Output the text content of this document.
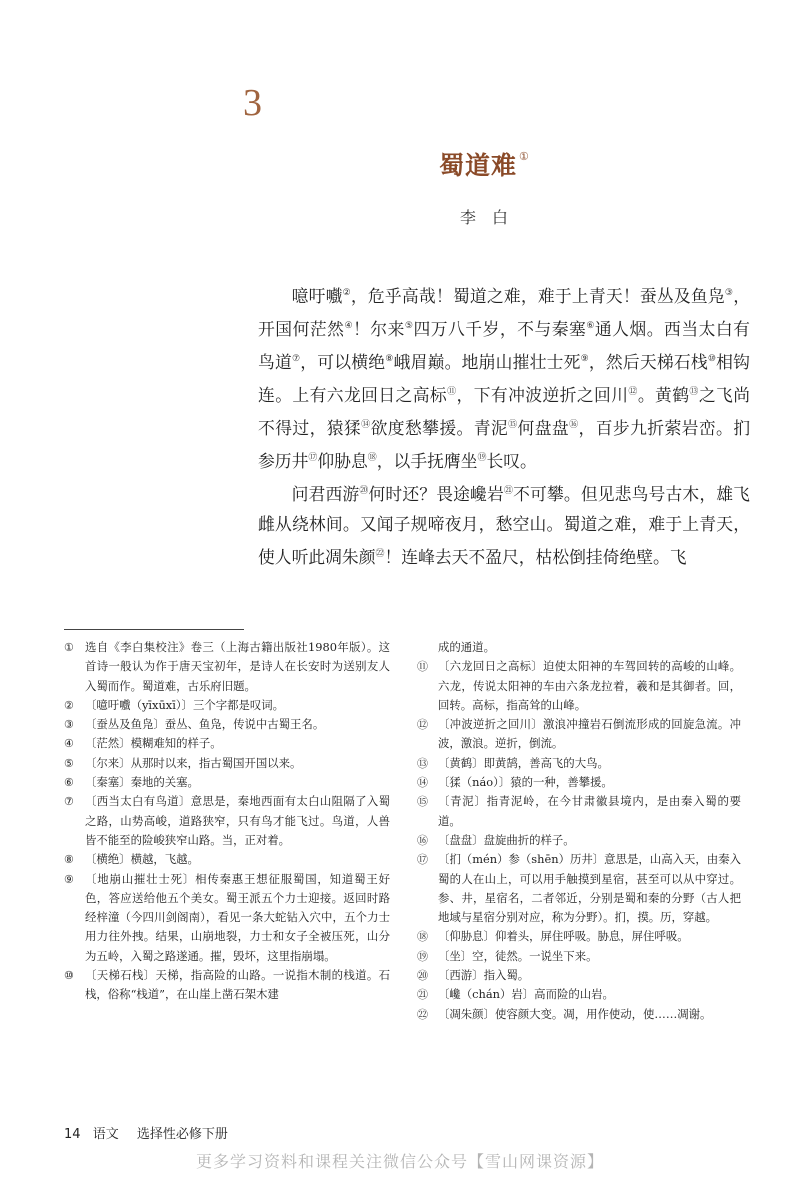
3
蜀道难 ①
李白

噫吁嚱②，危乎高哉！蜀道之难，难于上青天！蚕丛及鱼凫③，开国何茫然④！尔来⑤四万八千岁，不与秦塞⑥通人烟。西当太白有鸟道⑦，可以横绝⑧峨眉巅。地崩山摧壮士死⑨，然后天梯石栈⑩相钩连。上有六龙回日之高标⑪，下有冲波逆折之回川⑫。黄鹤⑬之飞尚不得过，猿猱⑭欲度愁攀援。青泥⑮何盘盘⑯，百步九折萦岩峦。扪参历井⑰仰胁息⑱，以手抚膺坐⑲长叹。

问君西游⑳何时还？畏途巉岩$^㉑$不可攀。但见悲鸟号古木，雄飞雌从绕林间。又闻子规啼夜月，愁空山。蜀道之难，难于上青天，使人听此凋朱颜$^㉒$！连峰去天不盈尺，枯松倒挂倚绝壁。飞

① 选自《李白集校注》卷三（上海古籍出版社1980年版）。这首诗一般认为作于唐天宝初年，是诗人在长安时为送别友人入蜀而作。蜀道难，古乐府旧题。
② 〔噫吁嚱（yīxūxī）〕三个字都是叹词。
③ 〔蚕丛及鱼凫〕蚕丛、鱼凫，传说中古蜀王名。
④ 〔茫然〕模糊难知的样子。
⑤ 〔尔来〕从那时以来，指古蜀国开国以来。
⑥ 〔秦塞〕秦地的关塞。
⑦ 〔西当太白有鸟道〕意思是，秦地西面有太白山阻隔了入蜀之路，山势高峻，道路狭窄，只有鸟才能飞过。鸟道，人兽皆不能至的险峻狭窄山路。当，正对着。
⑧ 〔横绝〕横越，飞越。
⑨ 〔地崩山摧壮士死〕相传秦惠王想征服蜀国，知道蜀王好色，答应送给他五个美女。蜀王派五个力士迎接。返回时路经梓潼（今四川剑阁南），看见一条大蛇钻入穴中，五个力士用力往外拽。结果，山崩地裂，力士和女子全被压死，山分为五岭，入蜀之路遂通。摧，毁坏，这里指崩塌。
⑩ 〔天梯石栈〕天梯，指高险的山路。一说指木制的栈道。石栈，俗称“栈道”，在山崖上凿石架木建
成的通道。
⑪ 〔六龙回日之高标〕迫使太阳神的车驾回转的高峻的山峰。六龙，传说太阳神的车由六条龙拉着，羲和是其御者。回，回转。高标，指高耸的山峰。
⑫ 〔冲波逆折之回川〕激浪冲撞岩石倒流形成的回旋急流。冲波，激浪。逆折，倒流。
⑬ 〔黄鹤〕即黄鹄，善高飞的大鸟。
⑭ 〔猱（náo）〕猿的一种，善攀援。
⑮ 〔青泥〕指青泥岭，在今甘肃徽县境内，是由秦入蜀的要道。
⑯ 〔盘盘〕盘旋曲折的样子。
⑰ 〔扪（mén）参（shēn）历井〕意思是，山高入天，由秦入蜀的人在山上，可以用手触摸到星宿，甚至可以从中穿过。参、井，星宿名，二者邻近，分别是蜀和秦的分野（古人把地域与星宿分别对应，称为分野）。扪，摸。历，穿越。
⑱ 〔仰胁息〕仰着头，屏住呼吸。胁息，屏住呼吸。
⑲ 〔坐〕空，徒然。一说坐下来。
⑳ 〔西游〕指入蜀。
㉑ 〔巉（chán）岩〕高而险的山岩。
㉒ 〔凋朱颜〕使容颜大变。凋，用作使动，使……凋谢。
14 语文 选择性必修下册
更多学习资料和课程关注微信公众号【雪山网课资源】
